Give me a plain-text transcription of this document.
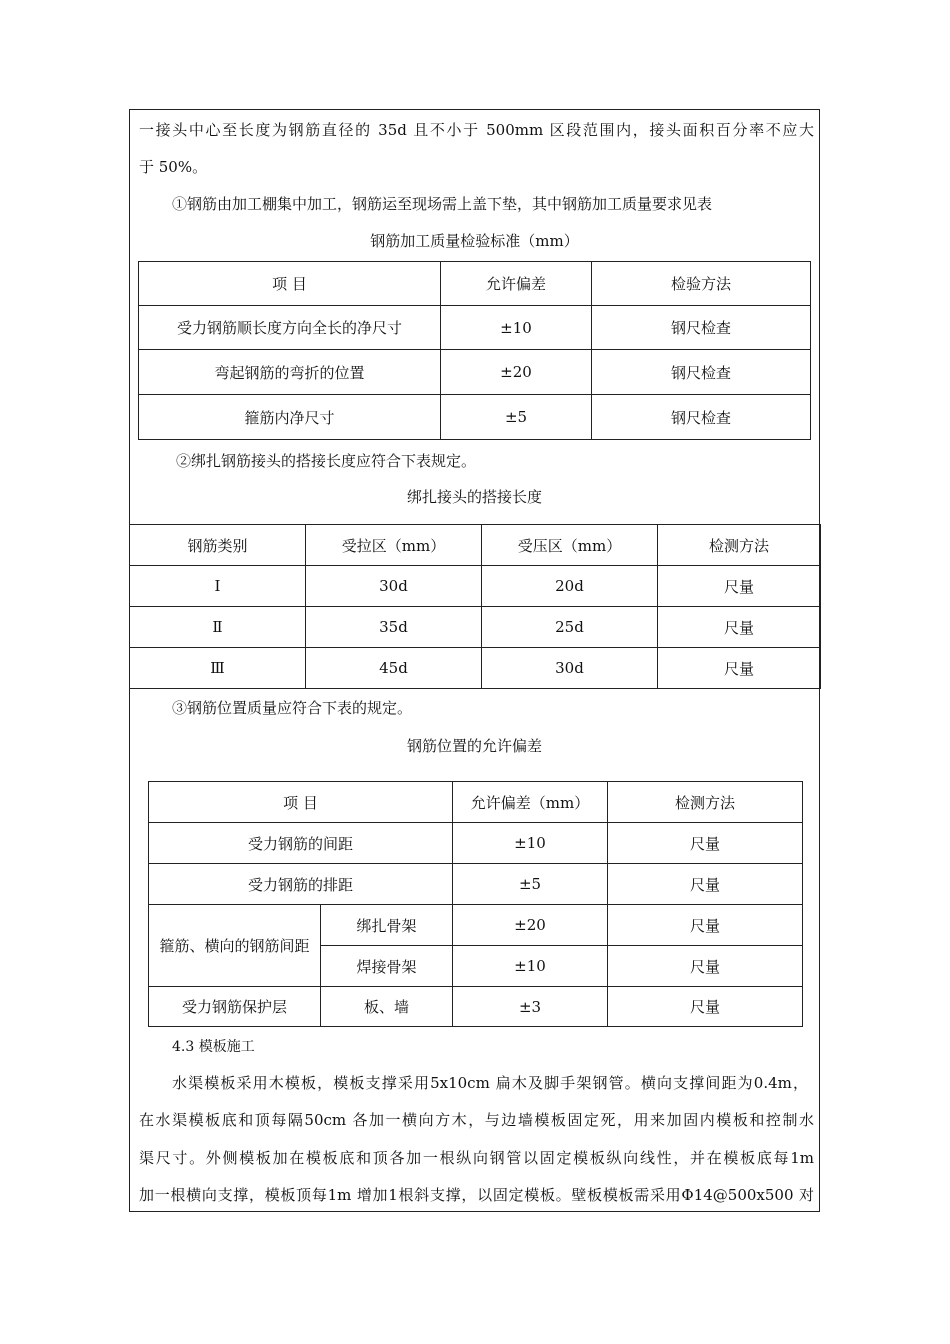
一接头中心至长度为钢筋直径的 35d 且不小于 500mm 区段范围内，接头面积百分率不应大
于 50%。
①钢筋由加工棚集中加工，钢筋运至现场需上盖下垫，其中钢筋加工质量要求见表
钢筋加工质量检验标准（mm）
项 目	允许偏差	检验方法
受力钢筋顺长度方向全长的净尺寸	±10	钢尺检查
弯起钢筋的弯折的位置	±20	钢尺检查
箍筋内净尺寸	±5	钢尺检查
②绑扎钢筋接头的搭接长度应符合下表规定。
绑扎接头的搭接长度
钢筋类别	受拉区（mm）	受压区（mm）	检测方法
Ⅰ	30d	20d	尺量
Ⅱ	35d	25d	尺量
Ⅲ	45d	30d	尺量
③钢筋位置质量应符合下表的规定。
钢筋位置的允许偏差
项 目		允许偏差（mm）	检测方法
受力钢筋的间距		±10	尺量
受力钢筋的排距		±5	尺量
箍筋、横向的钢筋间距	绑扎骨架	±20	尺量
	焊接骨架	±10	尺量
受力钢筋保护层	板、墙	±3	尺量
4.3 模板施工
水渠模板采用木模板，模板支撑采用5x10cm 扁木及脚手架钢管。横向支撑间距为0.4m，
在水渠模板底和顶每隔50cm 各加一横向方木，与边墙模板固定死，用来加固内模板和控制水
渠尺寸。外侧模板加在模板底和顶各加一根纵向钢管以固定模板纵向线性，并在模板底每1m
加一根横向支撑，模板顶每1m 增加1根斜支撑，以固定模板。壁板模板需采用Φ14@500x500 对
